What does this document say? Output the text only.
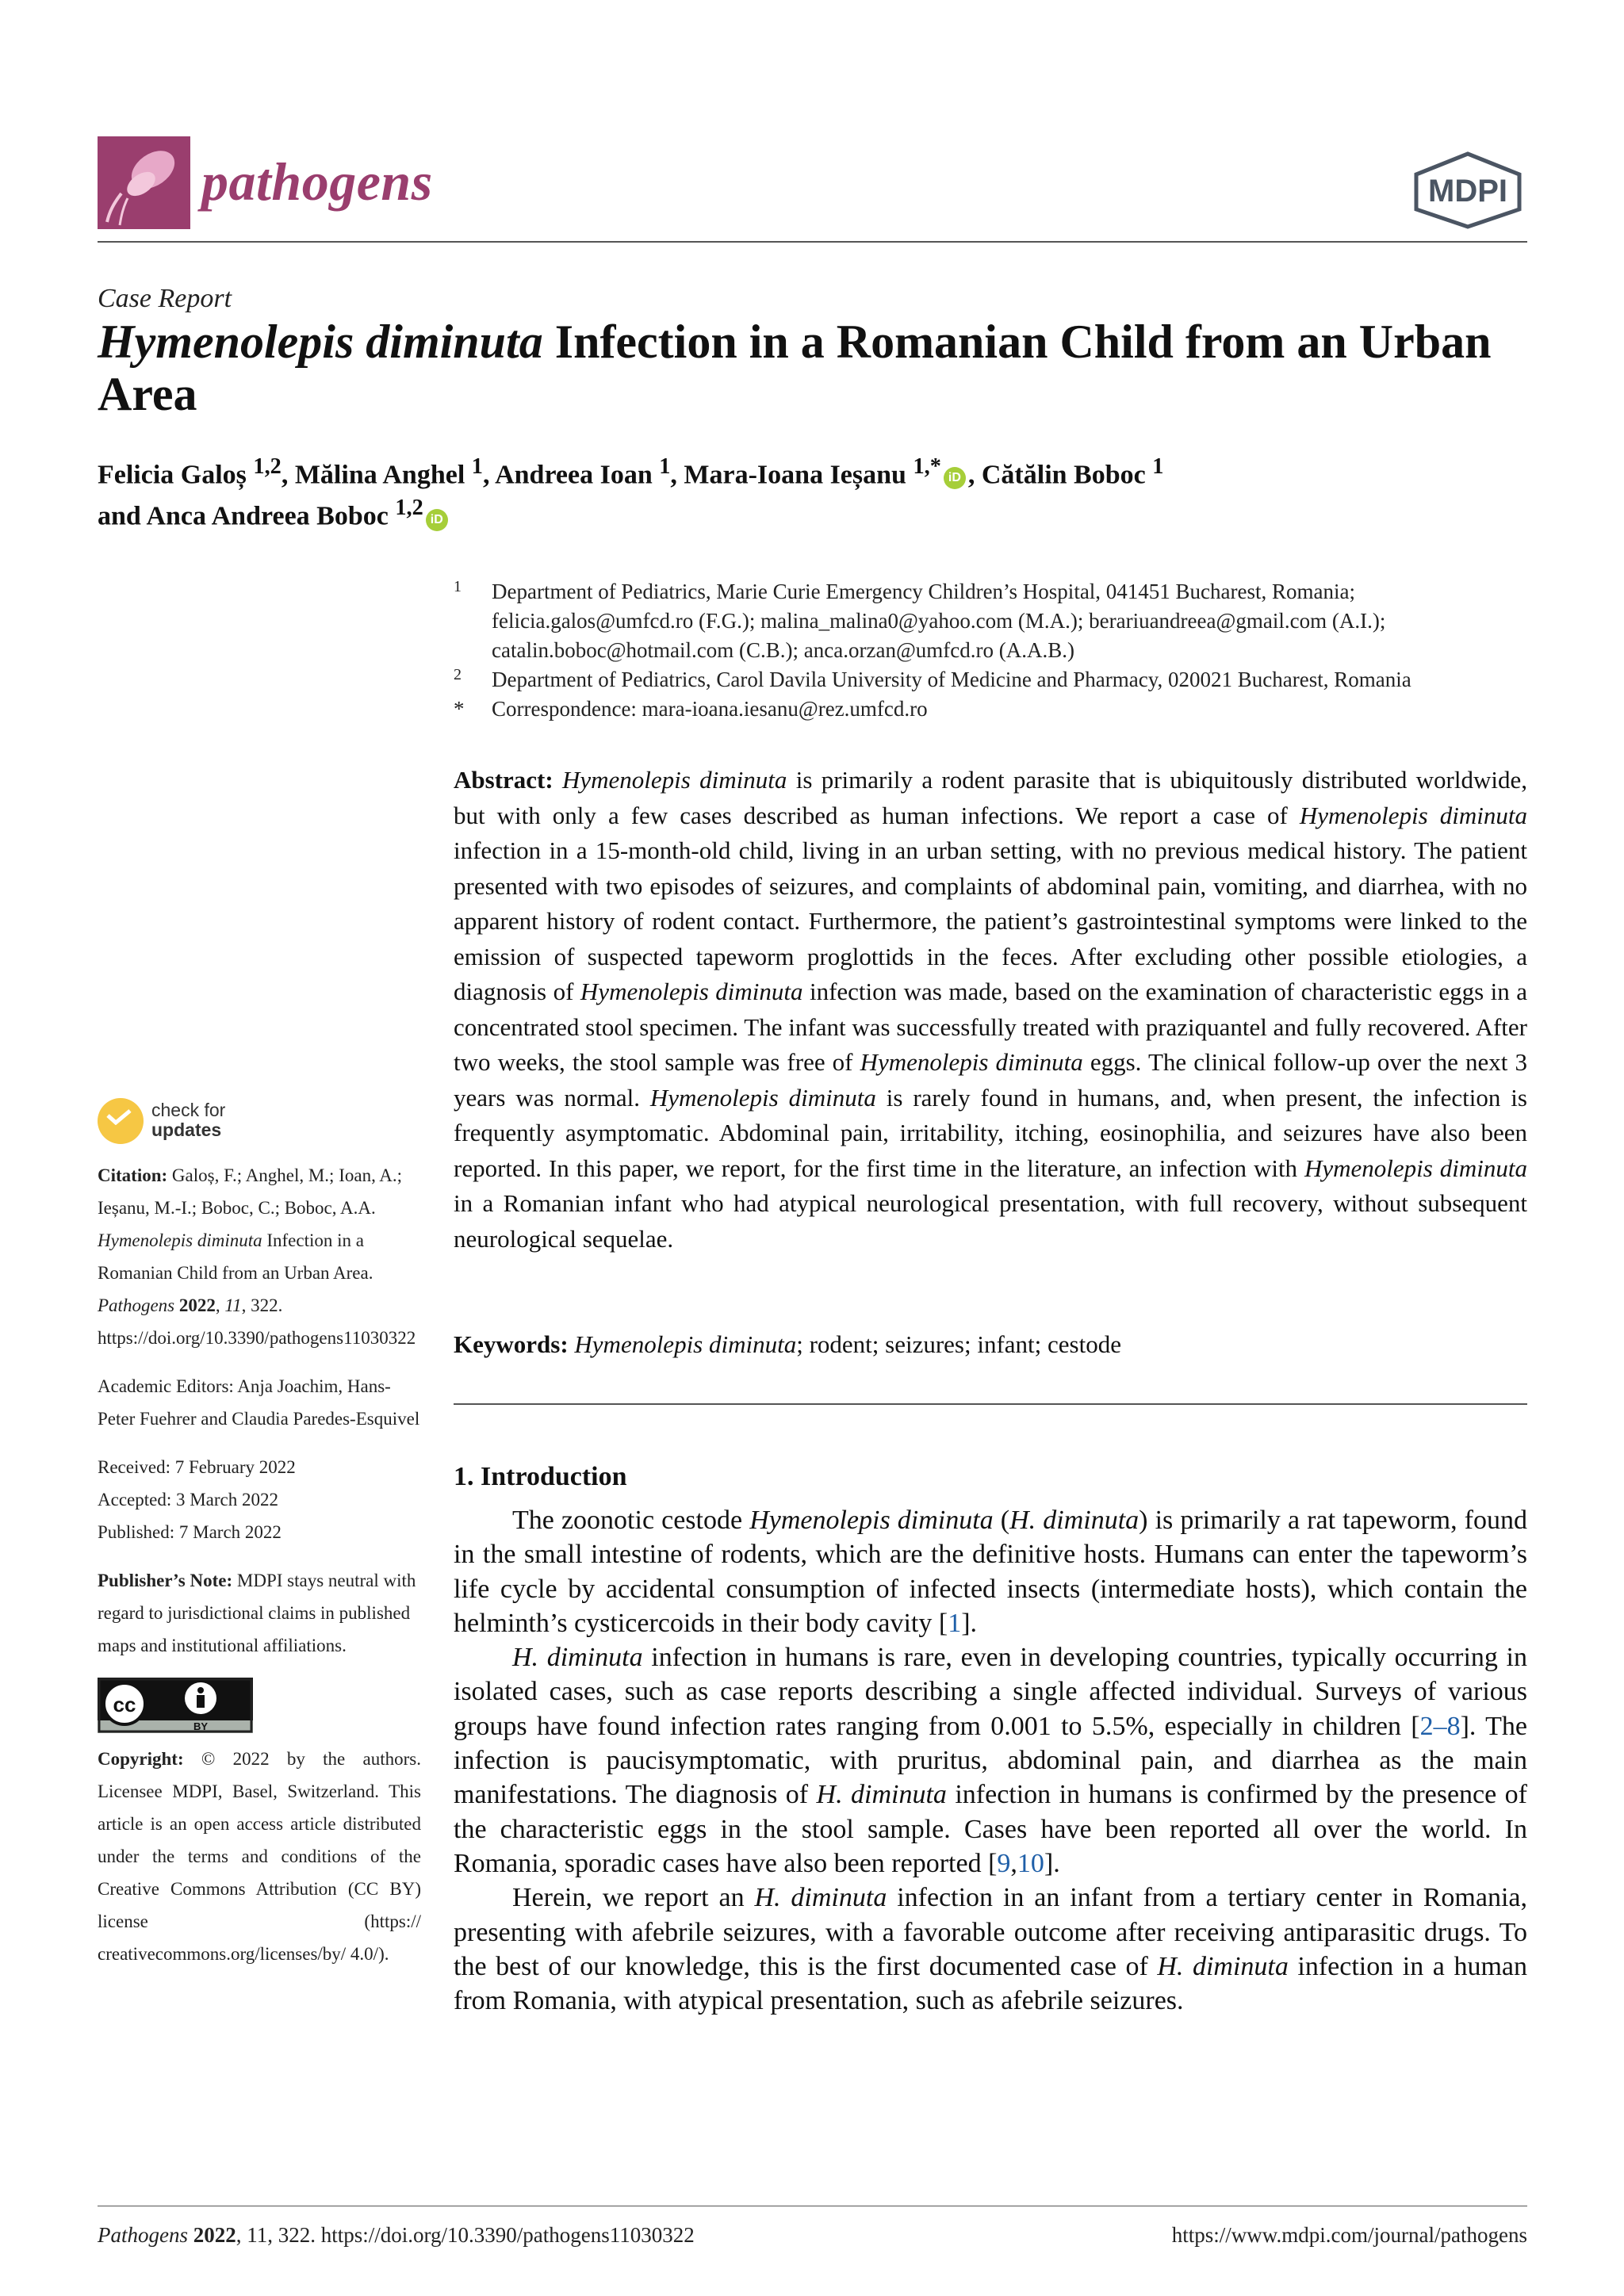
pathogens	MDPI
Case Report
Hymenolepis diminuta Infection in a Romanian Child from an Urban Area
Felicia Galoș $^{1,2}$, Mălina Anghel $^1$, Andreea Ioan $^1$, Mara-Ioana Ieșanu $^{1,*}$ iD , Cătălin Boboc $^1$
and Anca Andreea Boboc $^{1,2}$ iD
1 Department of Pediatrics, Marie Curie Emergency Children’s Hospital, 041451 Bucharest, Romania; felicia.galos@umfcd.ro (F.G.); malina_malina0@yahoo.com (M.A.); berariuandreea@gmail.com (A.I.); catalin.boboc@hotmail.com (C.B.); anca.orzan@umfcd.ro (A.A.B.)
2 Department of Pediatrics, Carol Davila University of Medicine and Pharmacy, 020021 Bucharest, Romania
* Correspondence: mara-ioana.iesanu@rez.umfcd.ro
Abstract: Hymenolepis diminuta is primarily a rodent parasite that is ubiquitously distributed worldwide, but with only a few cases described as human infections. We report a case of Hymenolepis diminuta infection in a 15-month-old child, living in an urban setting, with no previous medical history. The patient presented with two episodes of seizures, and complaints of abdominal pain, vomiting, and diarrhea, with no apparent history of rodent contact. Furthermore, the patient’s gastrointestinal symptoms were linked to the emission of suspected tapeworm proglottids in the feces. After excluding other possible etiologies, a diagnosis of Hymenolepis diminuta infection was made, based on the examination of characteristic eggs in a concentrated stool specimen. The infant was successfully treated with praziquantel and fully recovered. After two weeks, the stool sample was free of Hymenolepis diminuta eggs. The clinical follow-up over the next 3 years was normal. Hymenolepis diminuta is rarely found in humans, and, when present, the infection is frequently asymptomatic. Abdominal pain, irritability, itching, eosinophilia, and seizures have also been reported. In this paper, we report, for the first time in the literature, an infection with Hymenolepis diminuta in a Romanian infant who had atypical neurological presentation, with full recovery, without subsequent neurological sequelae.
Keywords: Hymenolepis diminuta; rodent; seizures; infant; cestode
1. Introduction

The zoonotic cestode Hymenolepis diminuta (H. diminuta) is primarily a rat tapeworm, found in the small intestine of rodents, which are the definitive hosts. Humans can enter the tapeworm’s life cycle by accidental consumption of infected insects (intermediate hosts), which contain the helminth’s cysticercoids in their body cavity [1].

H. diminuta infection in humans is rare, even in developing countries, typically occurring in isolated cases, such as case reports describing a single affected individual. Surveys of various groups have found infection rates ranging from 0.001 to 5.5%, especially in children [2–8]. The infection is paucisymptomatic, with pruritus, abdominal pain, and diarrhea as the main manifestations. The diagnosis of H. diminuta infection in humans is confirmed by the presence of the characteristic eggs in the stool sample. Cases have been reported all over the world. In Romania, sporadic cases have also been reported [9,10].

Herein, we report an H. diminuta infection in an infant from a tertiary center in Romania, presenting with afebrile seizures, with a favorable outcome after receiving antiparasitic drugs. To the best of our knowledge, this is the first documented case of H. diminuta infection in a human from Romania, with atypical presentation, such as afebrile seizures.

check for
updates
Citation: Galoș, F.; Anghel, M.; Ioan, A.; Ieșanu, M.-I.; Boboc, C.; Boboc, A.A. Hymenolepis diminuta Infection in a Romanian Child from an Urban Area. Pathogens 2022, 11, 322. https://doi.org/10.3390/pathogens11030322
Academic Editors: Anja Joachim, Hans-Peter Fuehrer and Claudia Paredes-Esquivel
Received: 7 February 2022
Accepted: 3 March 2022
Published: 7 March 2022
Publisher’s Note: MDPI stays neutral with regard to jurisdictional claims in published maps and institutional affiliations.
cc
BY
Copyright: © 2022 by the authors. Licensee MDPI, Basel, Switzerland. This article is an open access article distributed under the terms and conditions of the Creative Commons Attribution (CC BY) license (https:// creativecommons.org/licenses/by/ 4.0/).
Pathogens 2022, 11, 322. https://doi.org/10.3390/pathogens11030322	https://www.mdpi.com/journal/pathogens
